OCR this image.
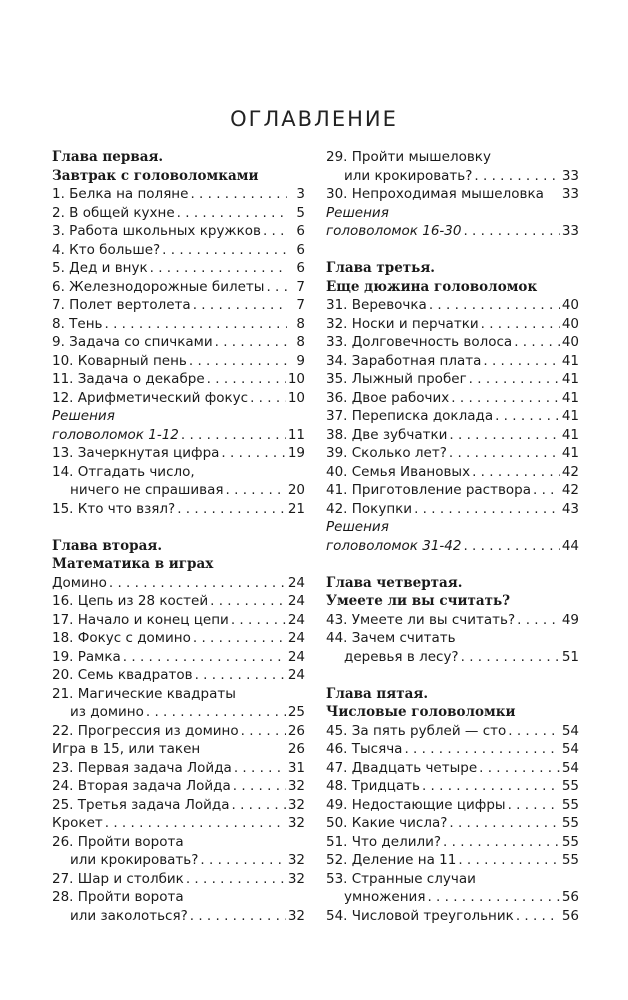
ОГЛАВЛЕНИЕ
Глава первая.
Завтрак с головоломками
1. Белка на поляне . . .	3
2. В общей кухне . . .	5
3. Работа школьных кружков . . .	6
4. Кто больше? . . .	6
5. Дед и внук . . .	6
6. Железнодорожные билеты . . .	7
7. Полет вертолета . . .	7
8. Тень . . .	8
9. Задача со спичками . . .	8
10. Коварный пень . . .	9
11. Задача о декабре . . .	10
12. Арифметический фокус . . .	10
Решения
головоломок 1-12 . . .	11
13. Зачеркнутая цифра . . .	19
14. Отгадать число,
ничего не спрашивая . . .	20
15. Кто что взял? . . .	21
Глава вторая.
Математика в играх
Домино . . .	24
16. Цепь из 28 костей . . .	24
17. Начало и конец цепи . . .	24
18. Фокус с домино . . .	24
19. Рамка . . .	24
20. Семь квадратов . . .	24
21. Магические квадраты
из домино . . .	25
22. Прогрессия из домино . . .	26
Игра в 15, или такен	26
23. Первая задача Лойда . . .	31
24. Вторая задача Лойда . . .	32
25. Третья задача Лойда . . .	32
Крокет . . .	32
26. Пройти ворота
или крокировать? . . .	32
27. Шар и столбик . . .	32
28. Пройти ворота
или заколоться? . . .	32
29. Пройти мышеловку
или крокировать? . . .	33
30. Непроходимая мышеловка 33
Решения
головоломок 16-30 . . .	33
Глава третья.
Еще дюжина головоломок
31. Веревочка . . .	40
32. Носки и перчатки . . .	40
33. Долговечность волоса . . .	40
34. Заработная плата . . .	41
35. Лыжный пробег . . .	41
36. Двое рабочих . . .	41
37. Переписка доклада . . .	41
38. Две зубчатки . . .	41
39. Сколько лет? . . .	41
40. Семья Ивановых . . .	42
41. Приготовление раствора . . . 42
42. Покупки . . .	43
Решения
головоломок 31-42 . . .	44
Глава четвертая.
Умеете ли вы считать?
43. Умеете ли вы считать? . . .	49
44. Зачем считать
деревья в лесу? . . .	51
Глава пятая.
Числовые головоломки
45. За пять рублей — сто . . .	54
46. Тысяча . . .	54
47. Двадцать четыре . . .	54
48. Тридцать . . .	55
49. Недостающие цифры . . .	55
50. Какие числа? . . .	55
51. Что делили? . . .	55
52. Деление на 11 . . .	55
53. Странные случаи
умножения . . .	56
54. Числовой треугольник . . .	56
